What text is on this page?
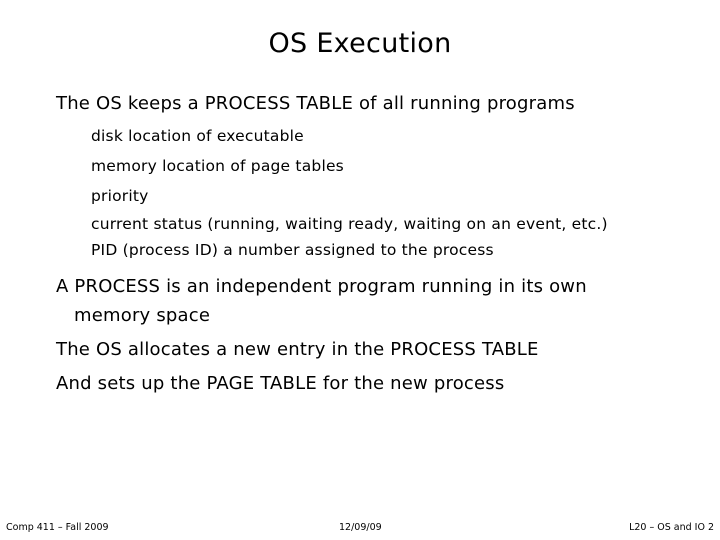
OS Execution
The OS keeps a PROCESS TABLE of all running programs
disk location of executable
memory location of page tables
priority
current status (running, waiting ready, waiting on an event, etc.)
PID (process ID) a number assigned to the process
A PROCESS is an independent program running in its own
memory space
The OS allocates a new entry in the PROCESS TABLE
And sets up the PAGE TABLE for the new process
Comp 411 – Fall 2009	12/09/09	L20 – OS and IO 2
